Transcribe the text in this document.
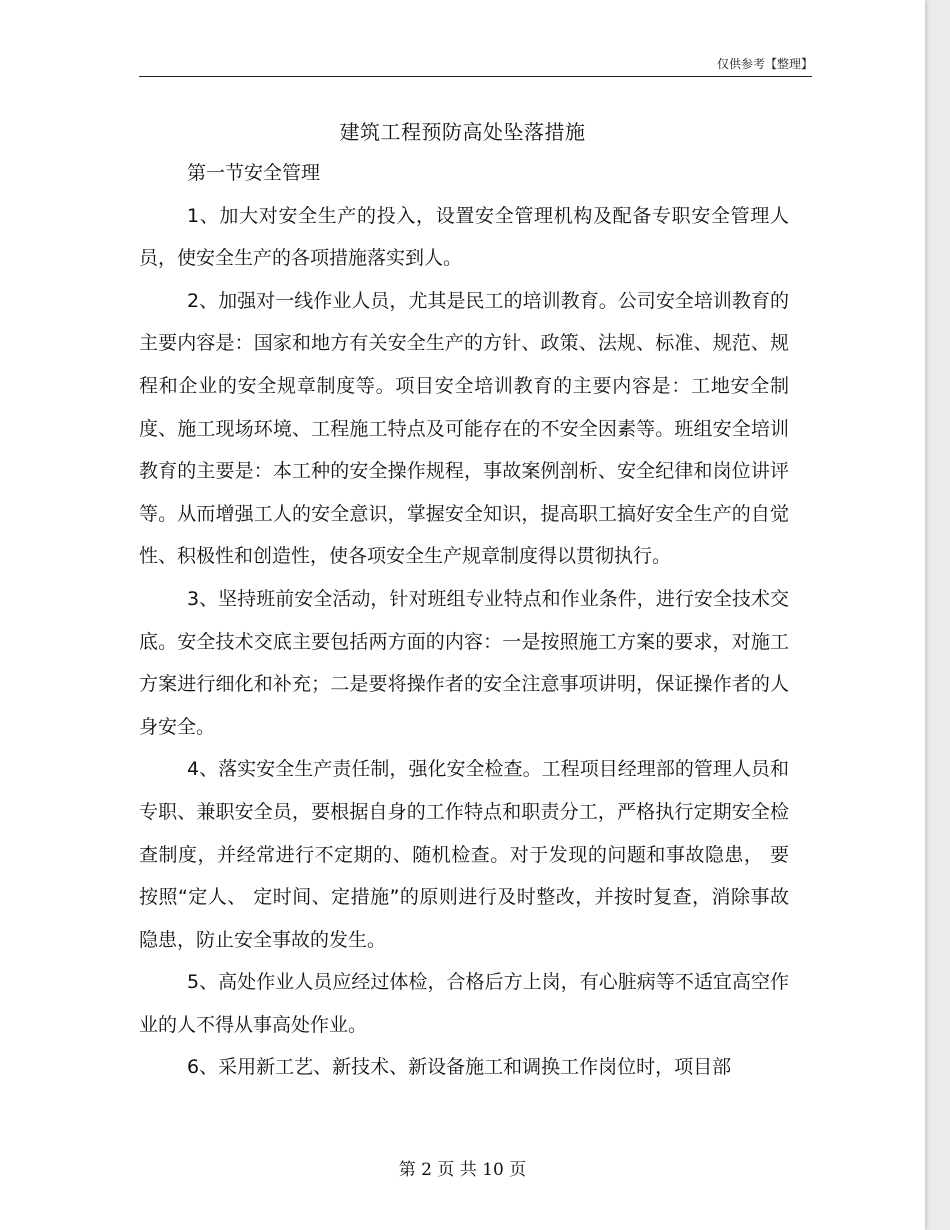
仅供参考【整理】
建筑工程预防高处坠落措施

第一节安全管理

1、加大对安全生产的投入，设置安全管理机构及配备专职安全管理人员，使安全生产的各项措施落实到人。

2、加强对一线作业人员，尤其是民工的培训教育。公司安全培训教育的主要内容是：国家和地方有关安全生产的方针、政策、法规、标准、规范、规程和企业的安全规章制度等。项目安全培训教育的主要内容是：工地安全制度、施工现场环境、工程施工特点及可能存在的不安全因素等。班组安全培训教育的主要是：本工种的安全操作规程，事故案例剖析、安全纪律和岗位讲评等。从而增强工人的安全意识，掌握安全知识，提高职工搞好安全生产的自觉性、积极性和创造性，使各项安全生产规章制度得以贯彻执行。

3、坚持班前安全活动，针对班组专业特点和作业条件，进行安全技术交底。安全技术交底主要包括两方面的内容：一是按照施工方案的要求，对施工方案进行细化和补充；二是要将操作者的安全注意事项讲明，保证操作者的人身安全。

4、落实安全生产责任制，强化安全检查。工程项目经理部的管理人员和专职、兼职安全员，要根据自身的工作特点和职责分工，严格执行定期安全检查制度，并经常进行不定期的、随机检查。对于发现的问题和事故隐患， 要按照“定人、 定时间、定措施”的原则进行及时整改，并按时复查，消除事故隐患，防止安全事故的发生。

5、高处作业人员应经过体检，合格后方上岗，有心脏病等不适宜高空作业的人不得从事高处作业。

6、采用新工艺、新技术、新设备施工和调换工作岗位时，项目部

第 2 页 共 10 页
